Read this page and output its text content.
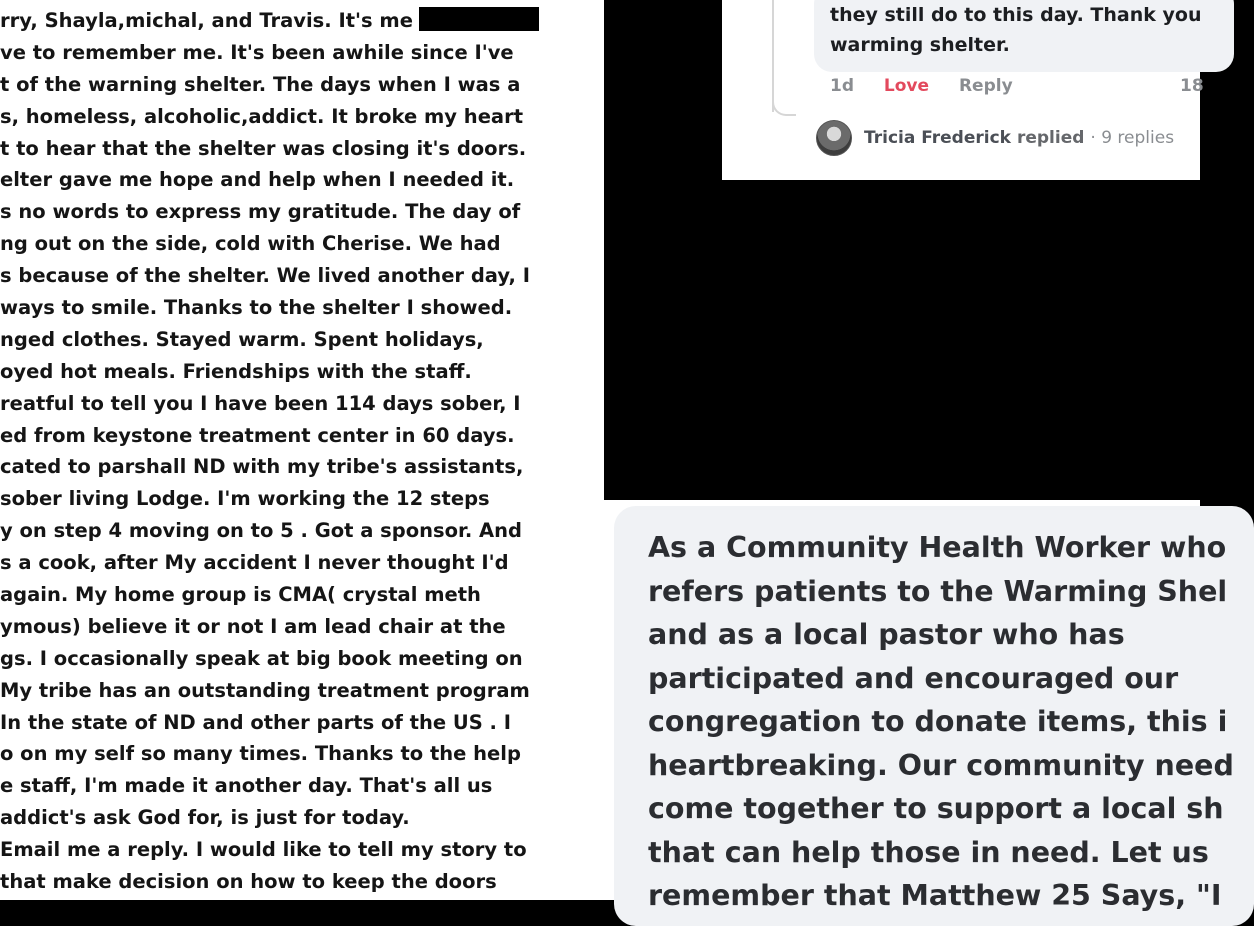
rry, Shayla,michal, and Travis. It's me
ve to remember me. It's been awhile since I've
t of the warning shelter. The days when I was a
s, homeless, alcoholic,addict. It broke my heart
t to hear that the shelter was closing it's doors.
elter gave me hope and help when I needed it.
s no words to express my gratitude. The day of
ng out on the side, cold with Cherise. We had
s because of the shelter. We lived another day, I
ways to smile. Thanks to the shelter I showed.
nged clothes. Stayed warm. Spent holidays,
oyed hot meals. Friendships with the staff.
reatful to tell you I have been 114 days sober, I
ed from keystone treatment center in 60 days.
cated to parshall ND with my tribe's assistants,
sober living Lodge. I'm working the 12 steps
y on step 4 moving on to 5 . Got a sponsor. And
s a cook, after My accident I never thought I'd
again. My home group is CMA( crystal meth
ymous) believe it or not I am lead chair at the
gs. I occasionally speak at big book meeting on
My tribe has an outstanding treatment program
In the state of ND and other parts of the US . I
o on my self so many times. Thanks to the help
e staff, I'm made it another day. That's all us
addict's ask God for, is just for today.
Email me a reply. I would like to tell my story to
that make decision on how to keep the doors
they still do to this day. Thank you
warming shelter.
1d Love Reply	18
Tricia Frederick replied · 9 replies
As a Community Health Worker who
refers patients to the Warming Shel
and as a local pastor who has
participated and encouraged our
congregation to donate items, this i
heartbreaking. Our community need
come together to support a local sh
that can help those in need. Let us
remember that Matthew 25 Says, "I
